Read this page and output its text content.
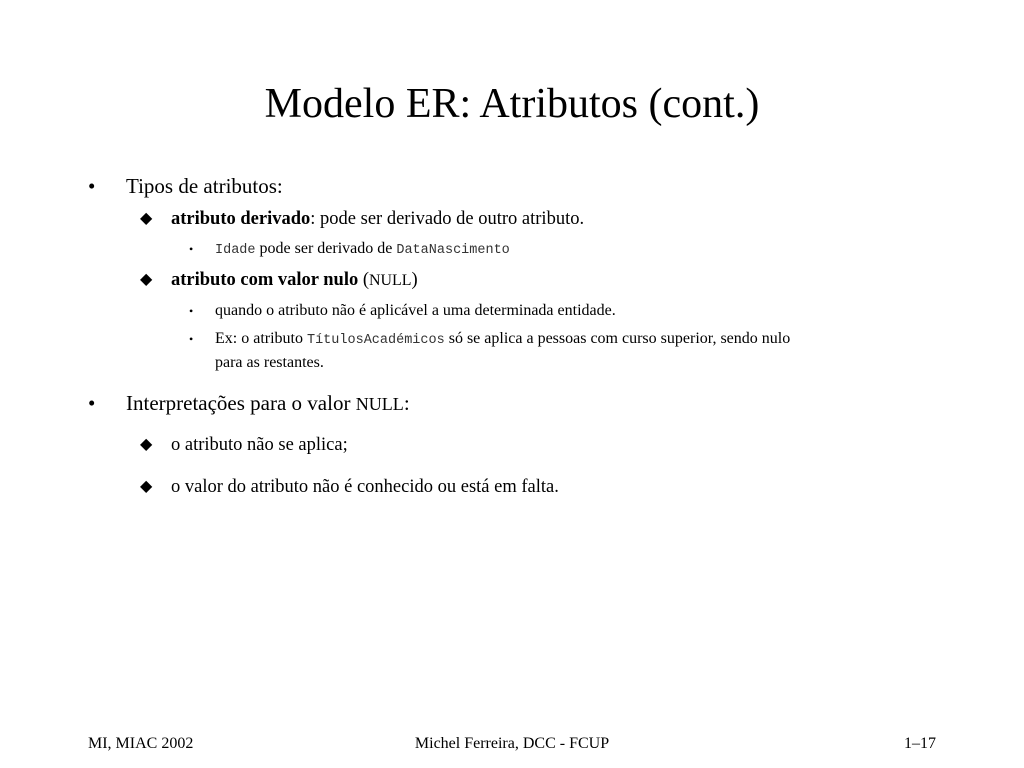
Modelo ER: Atributos (cont.)
• Tipos de atributos:
◆ atributo derivado: pode ser derivado de outro atributo.
• Idade pode ser derivado de DataNascimento
◆ atributo com valor nulo (NULL)
• quando o atributo não é aplicável a uma determinada entidade.
• Ex: o atributo TítulosAcadémicos só se aplica a pessoas com curso superior, sendo nulo
para as restantes.
• Interpretações para o valor NULL:
◆ o atributo não se aplica;
◆ o valor do atributo não é conhecido ou está em falta.
MI, MIAC 2002	Michel Ferreira, DCC - FCUP	1–17
